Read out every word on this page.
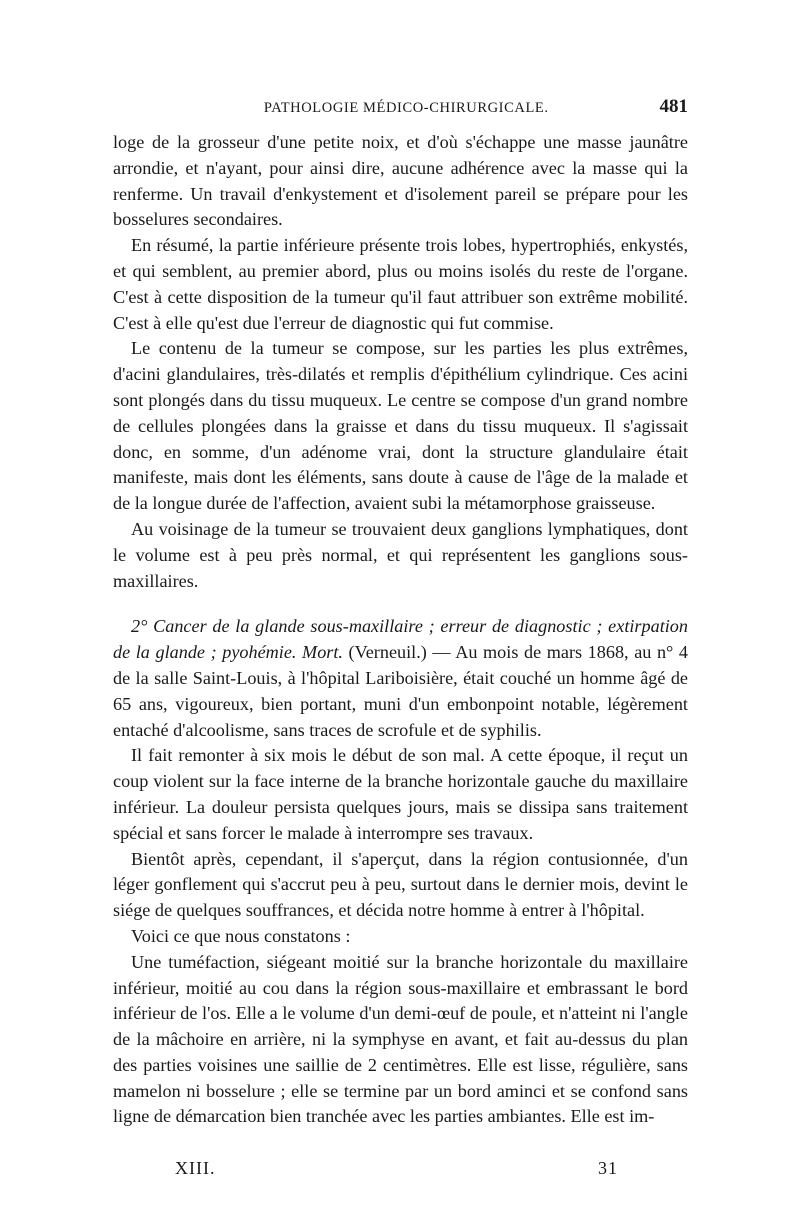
PATHOLOGIE MÉDICO-CHIRURGICALE.	481

loge de la grosseur d'une petite noix, et d'où s'échappe une masse jaunâtre arrondie, et n'ayant, pour ainsi dire, aucune adhérence avec la masse qui la renferme. Un travail d'enkystement et d'isolement pareil se prépare pour les bosselures secondaires.

En résumé, la partie inférieure présente trois lobes, hypertrophiés, enkystés, et qui semblent, au premier abord, plus ou moins isolés du reste de l'organe. C'est à cette disposition de la tumeur qu'il faut attribuer son extrême mobilité. C'est à elle qu'est due l'erreur de diagnostic qui fut commise.

Le contenu de la tumeur se compose, sur les parties les plus extrêmes, d'acini glandulaires, très-dilatés et remplis d'épithélium cylindrique. Ces acini sont plongés dans du tissu muqueux. Le centre se compose d'un grand nombre de cellules plongées dans la graisse et dans du tissu muqueux. Il s'agissait donc, en somme, d'un adénome vrai, dont la structure glandulaire était manifeste, mais dont les éléments, sans doute à cause de l'âge de la malade et de la longue durée de l'affection, avaient subi la métamorphose graisseuse.

Au voisinage de la tumeur se trouvaient deux ganglions lymphatiques, dont le volume est à peu près normal, et qui représentent les ganglions sous-maxillaires.

2° Cancer de la glande sous-maxillaire ; erreur de diagnostic ; extirpation de la glande ; pyohémie. Mort. (Verneuil.) — Au mois de mars 1868, au n° 4 de la salle Saint-Louis, à l'hôpital Lariboisière, était couché un homme âgé de 65 ans, vigoureux, bien portant, muni d'un embonpoint notable, légèrement entaché d'alcoolisme, sans traces de scrofule et de syphilis.

Il fait remonter à six mois le début de son mal. A cette époque, il reçut un coup violent sur la face interne de la branche horizontale gauche du maxillaire inférieur. La douleur persista quelques jours, mais se dissipa sans traitement spécial et sans forcer le malade à interrompre ses travaux.

Bientôt après, cependant, il s'aperçut, dans la région contusionnée, d'un léger gonflement qui s'accrut peu à peu, surtout dans le dernier mois, devint le siége de quelques souffrances, et décida notre homme à entrer à l'hôpital.

Voici ce que nous constatons :

Une tuméfaction, siégeant moitié sur la branche horizontale du maxillaire inférieur, moitié au cou dans la région sous-maxillaire et embrassant le bord inférieur de l'os. Elle a le volume d'un demi-œuf de poule, et n'atteint ni l'angle de la mâchoire en arrière, ni la symphyse en avant, et fait au-dessus du plan des parties voisines une saillie de 2 centimètres. Elle est lisse, régulière, sans mamelon ni bosselure ; elle se termine par un bord aminci et se confond sans ligne de démarcation bien tranchée avec les parties ambiantes. Elle est im-

XIII.	31
